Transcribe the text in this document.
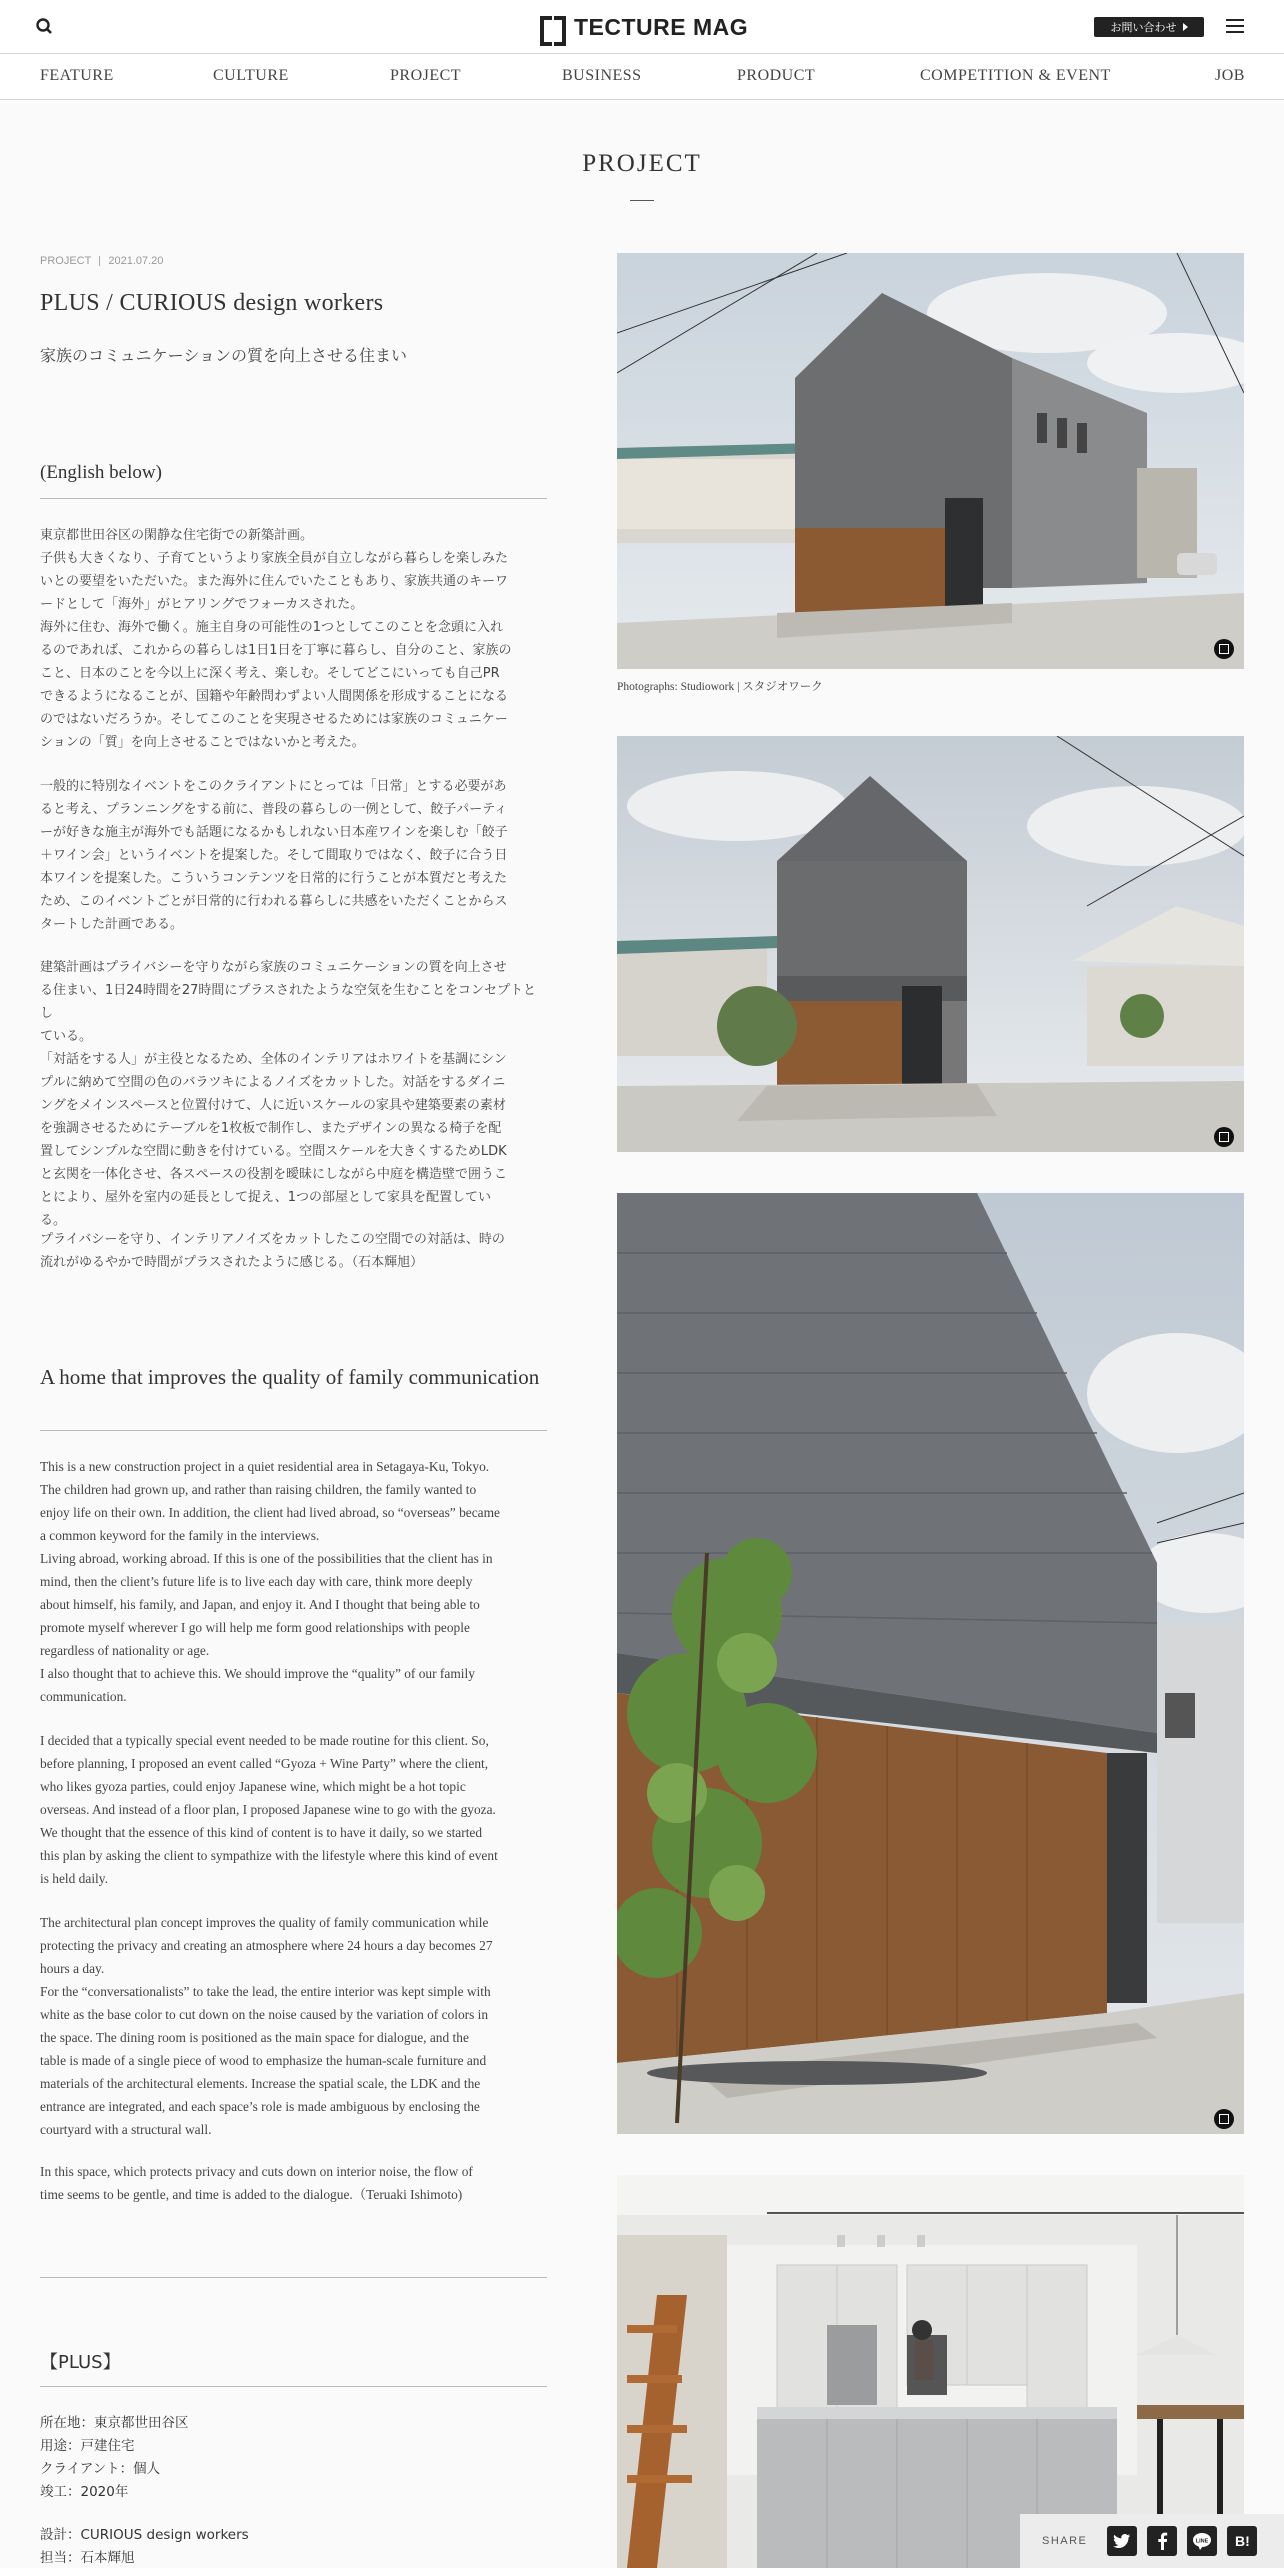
TECTURE MAG	お問い合わせ
FEATURE	CULTURE	PROJECT	BUSINESS	PRODUCT	COMPETITION & EVENT	JOB
PROJECT
PROJECT 2021.07.20
PLUS / CURIOUS design workers
家族のコミュニケーションの質を向上させる住まい
(English below)

東京都世田谷区の閑静な住宅街での新築計画。

子供も大きくなり、子育てというより家族全員が自立しながら暮らしを楽しみた

いとの要望をいただいた。また海外に住んでいたこともあり、家族共通のキーワ

ードとして「海外」がヒアリングでフォーカスされた。

海外に住む、海外で働く。施主自身の可能性の1つとしてこのことを念頭に入れ

るのであれば、これからの暮らしは1日1日を丁寧に暮らし、自分のこと、家族の

こと、日本のことを今以上に深く考え、楽しむ。そしてどこにいっても自己PR

できるようになることが、国籍や年齢問わずよい人間関係を形成することになる

のではないだろうか。そしてこのことを実現させるためには家族のコミュニケー

ションの「質」を向上させることではないかと考えた。

一般的に特別なイベントをこのクライアントにとっては「日常」とする必要があ

ると考え、プランニングをする前に、普段の暮らしの一例として、餃子パーティ

ーが好きな施主が海外でも話題になるかもしれない日本産ワインを楽しむ「餃子

＋ワイン会」というイベントを提案した。そして間取りではなく、餃子に合う日

本ワインを提案した。こういうコンテンツを日常的に行うことが本質だと考えた

ため、このイベントごとが日常的に行われる暮らしに共感をいただくことからス

タートした計画である。

建築計画はプライバシーを守りながら家族のコミュニケーションの質を向上させ

る住まい、1日24時間を27時間にプラスされたような空気を生むことをコンセプトとし

ている。

「対話をする人」が主役となるため、全体のインテリアはホワイトを基調にシン

プルに納めて空間の色のバラツキによるノイズをカットした。対話をするダイニ

ングをメインスペースと位置付けて、人に近いスケールの家具や建築要素の素材

を強調させるためにテーブルを1枚板で制作し、またデザインの異なる椅子を配

置してシンプルな空間に動きを付けている。空間スケールを大きくするためLDK

と玄関を一体化させ、各スペースの役割を曖昧にしながら中庭を構造壁で囲うこ

とにより、屋外を室内の延長として捉え、1つの部屋として家具を配置してい

る。

プライバシーを守り、インテリアノイズをカットしたこの空間での対話は、時の

流れがゆるやかで時間がプラスされたように感じる。（石本輝旭）

A home that improves the quality of family communication

This is a new construction project in a quiet residential area in Setagaya-Ku, Tokyo.

The children had grown up, and rather than raising children, the family wanted to

enjoy life on their own. In addition, the client had lived abroad, so “overseas” became

a common keyword for the family in the interviews.

Living abroad, working abroad. If this is one of the possibilities that the client has in

mind, then the client’s future life is to live each day with care, think more deeply

about himself, his family, and Japan, and enjoy it. And I thought that being able to

promote myself wherever I go will help me form good relationships with people

regardless of nationality or age.

I also thought that to achieve this. We should improve the “quality” of our family

communication.

I decided that a typically special event needed to be made routine for this client. So,

before planning, I proposed an event called “Gyoza + Wine Party” where the client,

who likes gyoza parties, could enjoy Japanese wine, which might be a hot topic

overseas. And instead of a floor plan, I proposed Japanese wine to go with the gyoza.

We thought that the essence of this kind of content is to have it daily, so we started

this plan by asking the client to sympathize with the lifestyle where this kind of event

is held daily.

The architectural plan concept improves the quality of family communication while

protecting the privacy and creating an atmosphere where 24 hours a day becomes 27

hours a day.

For the “conversationalists” to take the lead, the entire interior was kept simple with

white as the base color to cut down on the noise caused by the variation of colors in

the space. The dining room is positioned as the main space for dialogue, and the

table is made of a single piece of wood to emphasize the human-scale furniture and

materials of the architectural elements. Increase the spatial scale, the LDK and the

entrance are integrated, and each space’s role is made ambiguous by enclosing the

courtyard with a structural wall.

In this space, which protects privacy and cuts down on interior noise, the flow of

time seems to be gentle, and time is added to the dialogue.（Teruaki Ishimoto)

【PLUS】

所在地：東京都世田谷区

用途：戸建住宅

クライアント：個人

竣工：2020年

設計：CURIOUS design workers

担当：石本輝旭

Photographs: Studiowork | スタジオワーク
SHARE	LINE	B!
